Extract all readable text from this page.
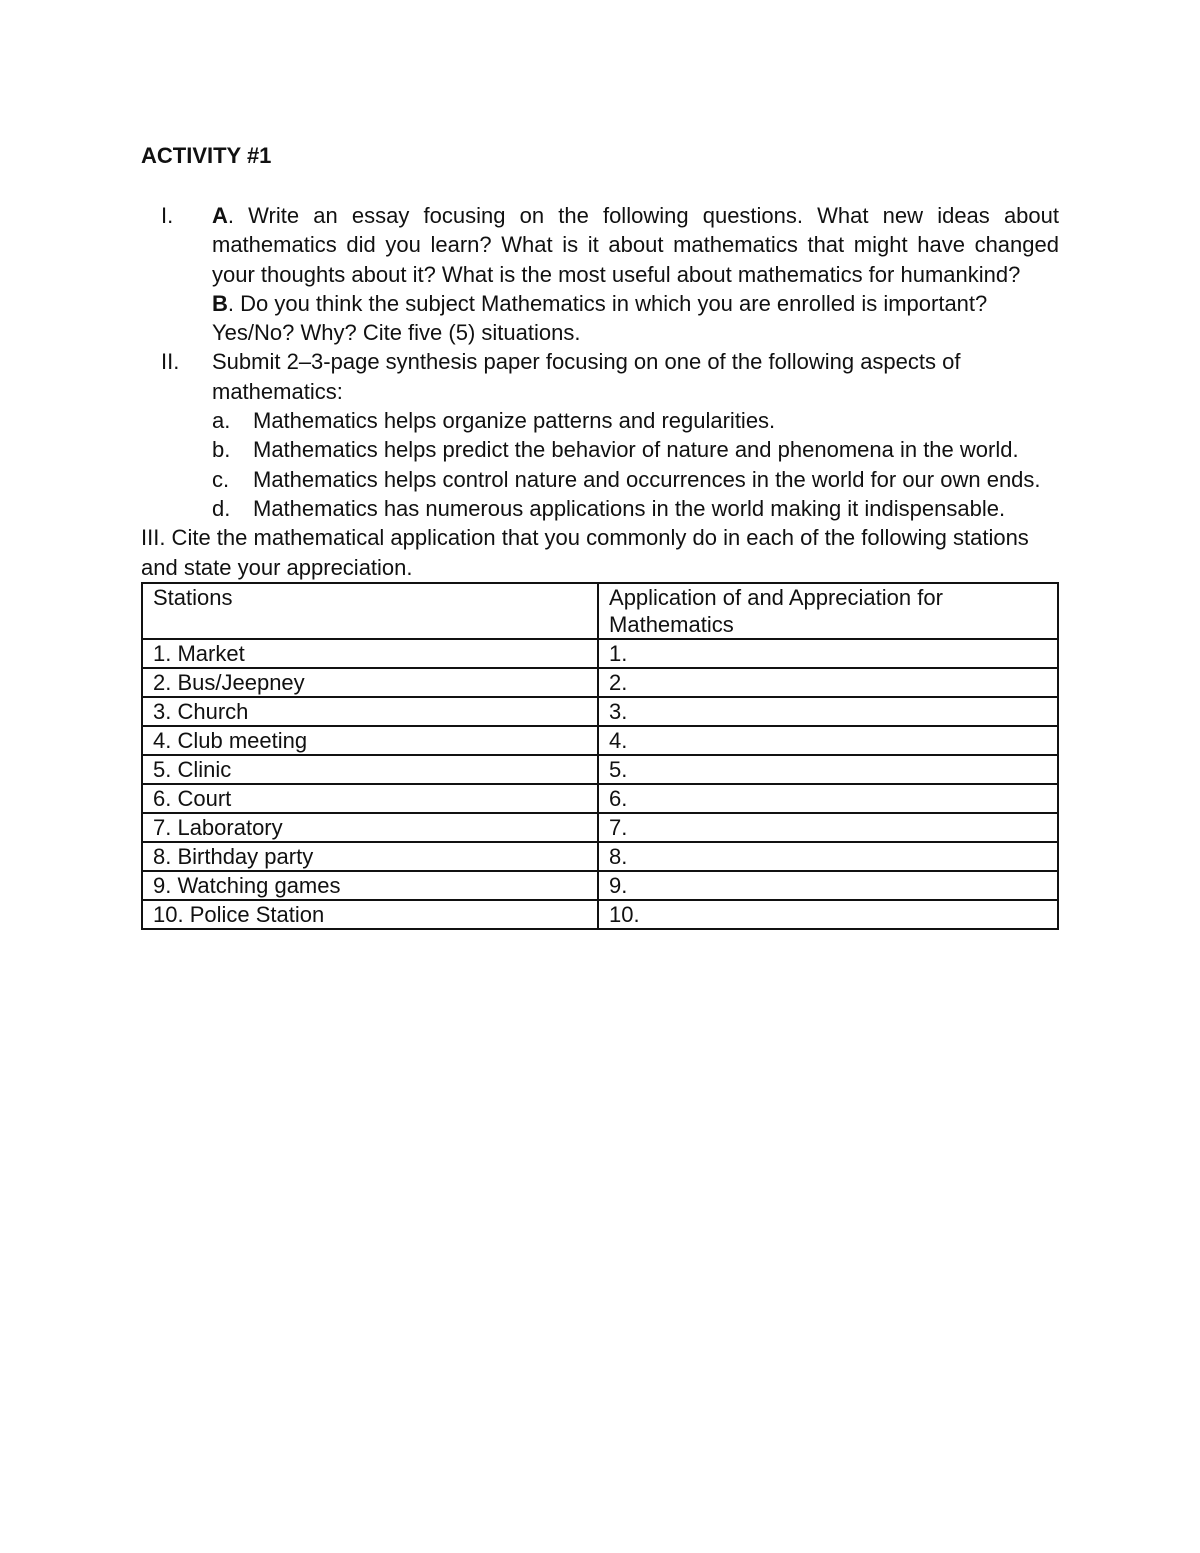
ACTIVITY #1
I.	A. Write an essay focusing on the following questions. What new ideas about mathematics did you learn? What is it about mathematics that might have changed your thoughts about it? What is the most useful about mathematics for humankind?
B. Do you think the subject Mathematics in which you are enrolled is important? Yes/No? Why? Cite five (5) situations.
II.	Submit 2–3-page synthesis paper focusing on one of the following aspects of mathematics:
a.	Mathematics helps organize patterns and regularities.
b.	Mathematics helps predict the behavior of nature and phenomena in the world.
c.	Mathematics helps control nature and occurrences in the world for our own ends.
d.	Mathematics has numerous applications in the world making it indispensable.

III. Cite the mathematical application that you commonly do in each of the following stations and state your appreciation.

Stations	Application of and Appreciation for Mathematics
1. Market	1.
2. Bus/Jeepney	2.
3. Church	3.
4. Club meeting	4.
5. Clinic	5.
6. Court	6.
7. Laboratory	7.
8. Birthday party	8.
9. Watching games	9.
10. Police Station	10.
